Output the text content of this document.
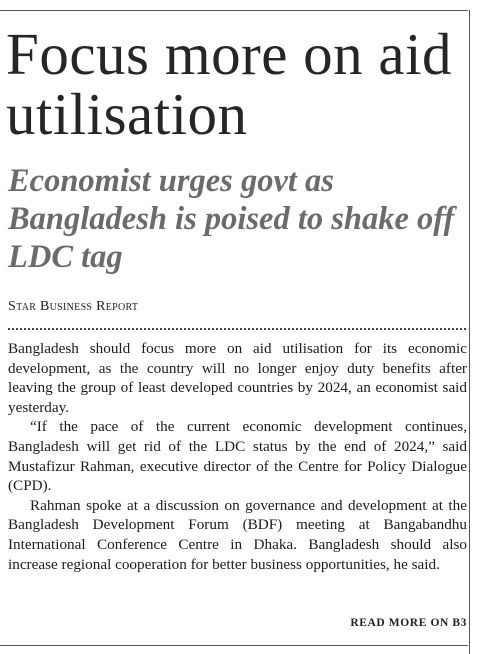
Focus more on aid utilisation
Economist urges govt as Bangladesh is poised to shake off LDC tag
Star Business Report

Bangladesh should focus more on aid utilisation for its economic development, as the country will no longer enjoy duty benefits after leaving the group of least developed countries by 2024, an economist said yesterday.

“If the pace of the current economic development continues, Bangladesh will get rid of the LDC status by the end of 2024,” said Mustafizur Rahman, executive director of the Centre for Policy Dialogue (CPD).

Rahman spoke at a discussion on governance and development at the Bangladesh Development Forum (BDF) meeting at Bangabandhu International Conference Centre in Dhaka. Bangladesh should also increase regional cooperation for better business opportunities, he said.

READ MORE ON B3
